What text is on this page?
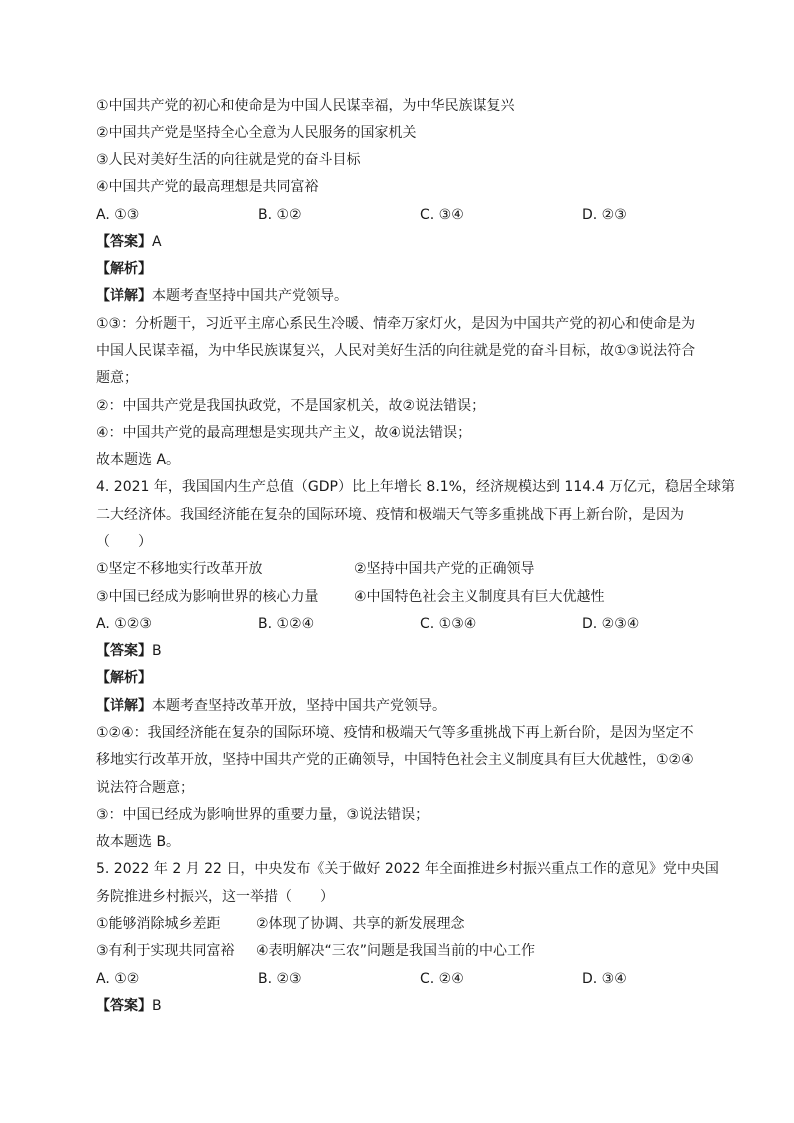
①中国共产党的初心和使命是为中国人民谋幸福，为中华民族谋复兴
②中国共产党是坚持全心全意为人民服务的国家机关
③人民对美好生活的向往就是党的奋斗目标
④中国共产党的最高理想是共同富裕
A. ①③	B. ①②	C. ③④	D. ②③
【 答案 】 A
【 解析 】
【 详解 】 本题考查坚持中国共产党领导。
①③：分析题干，习近平主席心系民生冷暖、情牵万家灯火，是因为中国共产党的初心和使命是为
中国人民谋幸福，为中华民族谋复兴，人民对美好生活的向往就是党的奋斗目标，故①③说法符合
题意；
②：中国共产党是我国执政党，不是国家机关，故②说法错误；
④：中国共产党的最高理想是实现共产主义，故④说法错误；
故本题选 A。
4. 2021 年，我国国内生产总值（GDP）比上年增长 8.1%，经济规模达到 114.4 万亿元，稳居全球第
二大经济体。我国经济能在复杂的国际环境、疫情和极端天气等多重挑战下再上新台阶，是因为
（　　）
①坚定不移地实行改革开放	②坚持中国共产党的正确领导
③中国已经成为影响世界的核心力量	④中国特色社会主义制度具有巨大优越性
A. ①②③	B. ①②④	C. ①③④	D. ②③④
【 答案 】 B
【 解析 】
【 详解 】 本题考查坚持改革开放，坚持中国共产党领导。
①②④：我国经济能在复杂的国际环境、疫情和极端天气等多重挑战下再上新台阶，是因为坚定不
移地实行改革开放，坚持中国共产党的正确领导，中国特色社会主义制度具有巨大优越性，①②④
说法符合题意；
③：中国已经成为影响世界的重要力量，③说法错误；
故本题选 B。
5. 2022 年 2 月 22 日，中央发布《关于做好 2022 年全面推进乡村振兴重点工作的意见》党中央国
务院推进乡村振兴，这一举措（　　）
①能够消除城乡差距	②体现了协调、共享的新发展理念
③有利于实现共同富裕 ④表明解决“三农”问题是我国当前的中心工作
A. ①②	B. ②③	C. ②④	D. ③④
【 答案 】 B
